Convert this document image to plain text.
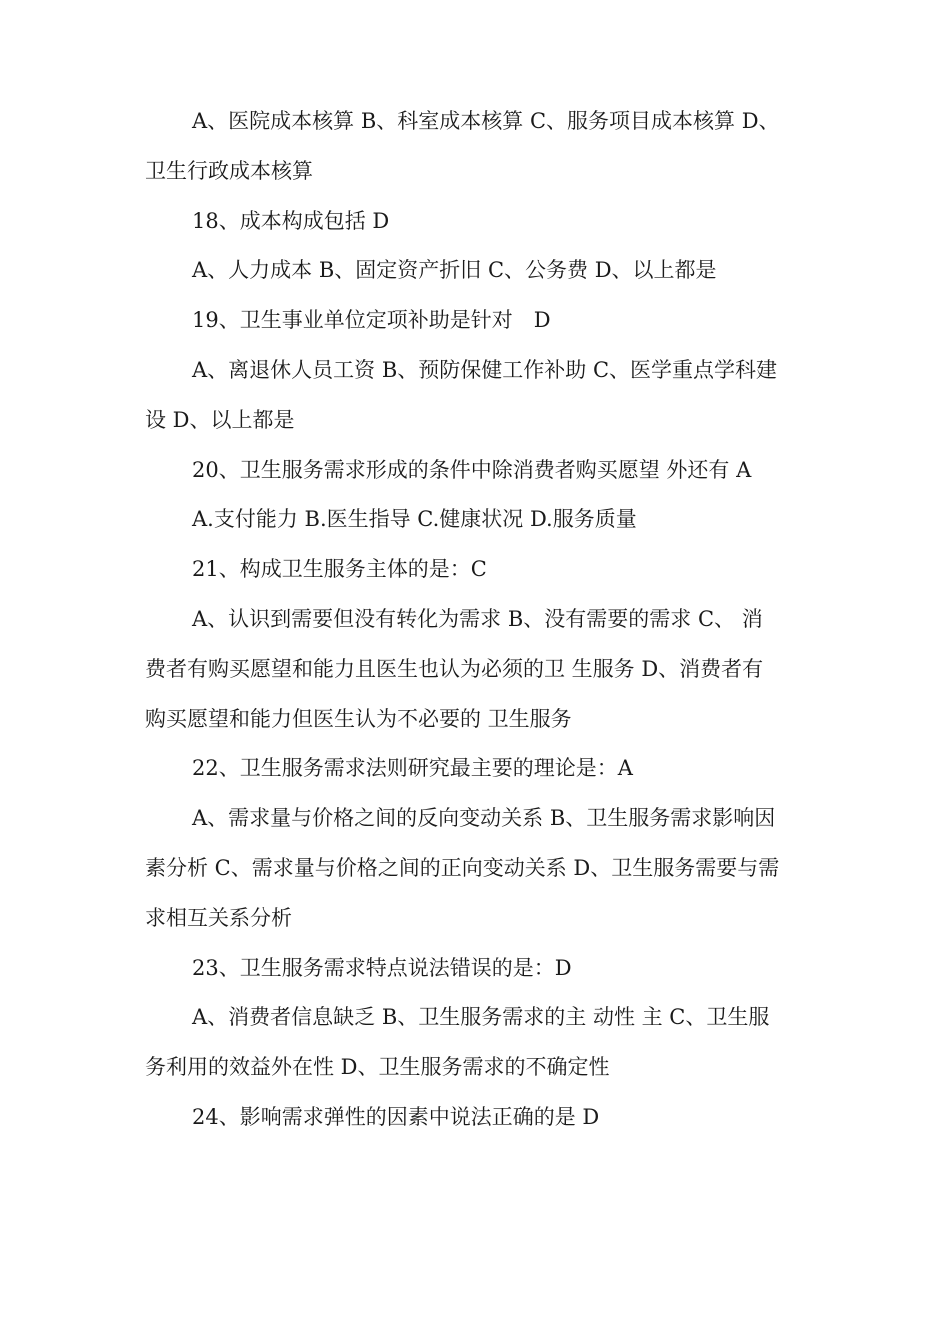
A、医院成本核算 B、科室成本核算 C、服务项目成本核算 D、
卫生行政成本核算
18、成本构成包括 D
A、人力成本 B、固定资产折旧 C、公务费 D、以上都是
19、卫生事业单位定项补助是针对　D
A、离退休人员工资 B、预防保健工作补助 C、医学重点学科建
设 D、以上都是
20、卫生服务需求形成的条件中除消费者购买愿望 外还有 A
A.支付能力 B.医生指导 C.健康状况 D.服务质量
21、构成卫生服务主体的是：C
A、认识到需要但没有转化为需求 B、没有需要的需求 C、 消
费者有购买愿望和能力且医生也认为必须的卫 生服务 D、消费者有
购买愿望和能力但医生认为不必要的 卫生服务
22、卫生服务需求法则研究最主要的理论是：A
A、需求量与价格之间的反向变动关系 B、卫生服务需求影响因
素分析 C、需求量与价格之间的正向变动关系 D、卫生服务需要与需
求相互关系分析
23、卫生服务需求特点说法错误的是：D
A、消费者信息缺乏 B、卫生服务需求的主 动性 主 C、卫生服
务利用的效益外在性 D、卫生服务需求的不确定性
24、影响需求弹性的因素中说法正确的是 D
